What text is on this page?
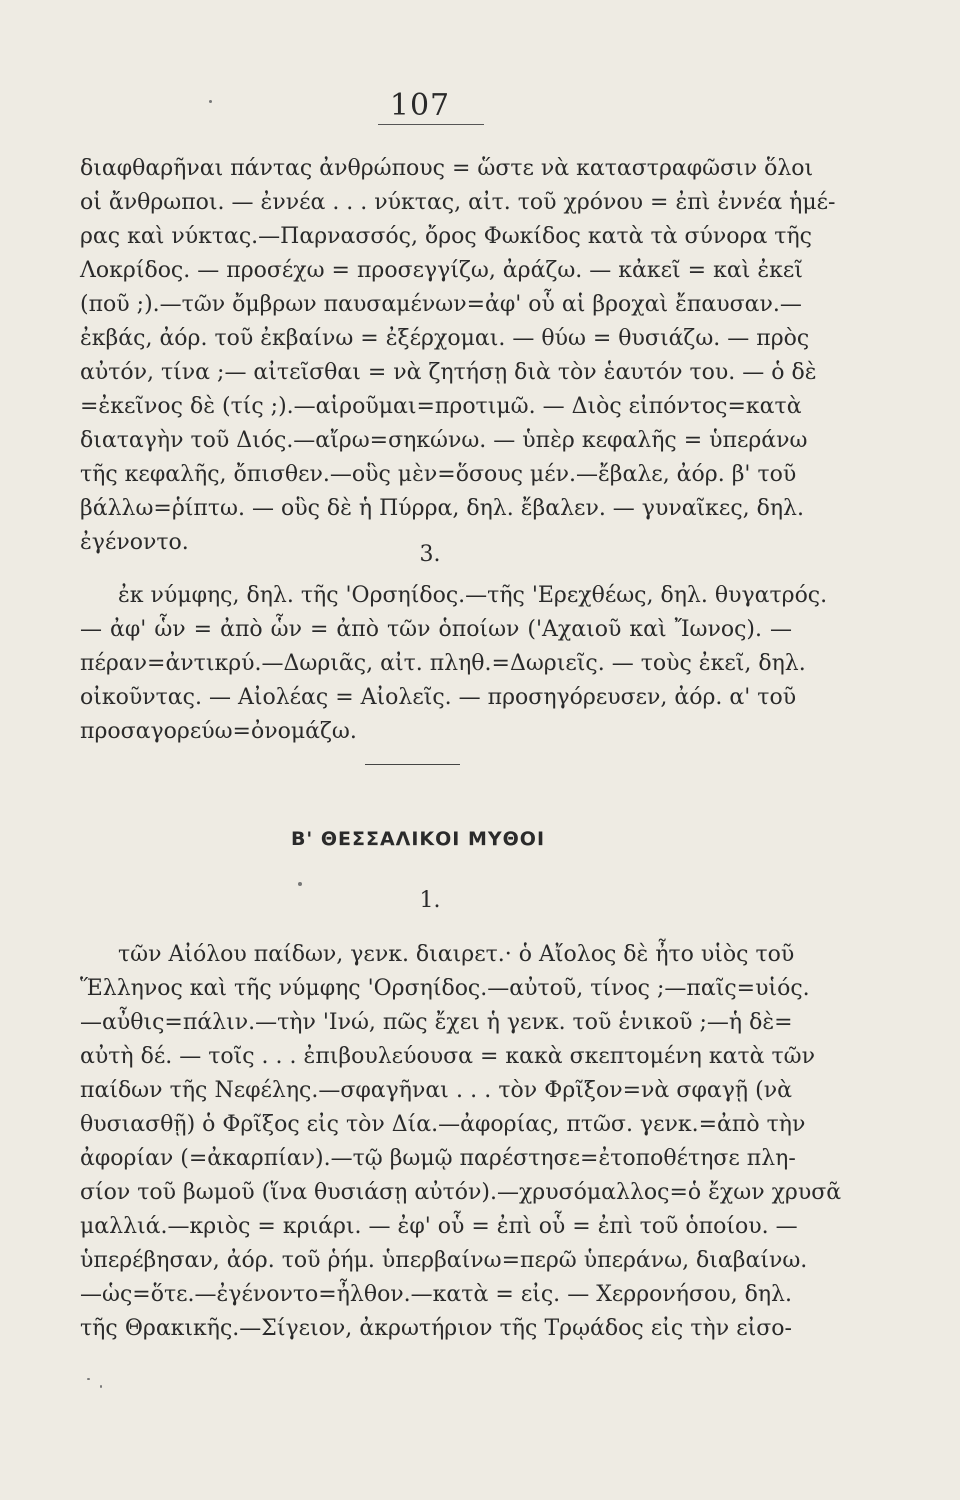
107
διαφθαρῆναι πάντας ἀνθρώπους = ὥστε νὰ καταστραφῶσιν ὅλοι
οἱ ἄνθρωποι. — ἐννέα . . . νύκτας, αἰτ. τοῦ χρόνου = ἐπὶ ἐννέα ἡμέ-
ρας καὶ νύκτας.—Παρνασσός, ὄρος Φωκίδος κατὰ τὰ σύνορα τῆς
Λοκρίδος. — προσέχω = προσεγγίζω, ἀράζω. — κἀκεῖ = καὶ ἐκεῖ
(ποῦ ;).—τῶν ὄμβρων παυσαμένων=ἀφ' οὗ αἱ βροχαὶ ἔπαυσαν.—
ἐκβάς, ἀόρ. τοῦ ἐκβαίνω = ἐξέρχομαι. — θύω = θυσιάζω. — πρὸς
αὐτόν, τίνα ;— αἰτεῖσθαι = νὰ ζητήσῃ διὰ τὸν ἑαυτόν του. — ὁ δὲ
=ἐκεῖνος δὲ (τίς ;).—αἱροῦμαι=προτιμῶ. — Διὸς εἰπόντος=κατὰ
διαταγὴν τοῦ Διός.—αἴρω=σηκώνω. — ὑπὲρ κεφαλῆς = ὑπεράνω
τῆς κεφαλῆς, ὄπισθεν.—οὓς μὲν=ὅσους μέν.—ἔβαλε, ἀόρ. β' τοῦ
βάλλω=ῥίπτω. — οὓς δὲ ἡ Πύρρα, δηλ. ἔβαλεν. — γυναῖκες, δηλ.
ἐγένοντο.	3.
ἐκ νύμφης, δηλ. τῆς 'Ορσηίδος.—τῆς 'Ερεχθέως, δηλ. θυγατρός.
— ἀφ' ὧν = ἀπὸ ὧν = ἀπὸ τῶν ὁποίων ('Αχαιοῦ καὶ Ἴωνος). —
πέραν=ἀντικρύ.—Δωριᾶς, αἰτ. πληθ.=Δωριεῖς. — τοὺς ἐκεῖ, δηλ.
οἰκοῦντας. — Αἰολέας = Αἰολεῖς. — προσηγόρευσεν, ἀόρ. α' τοῦ
προσαγορεύω=ὀνομάζω.
Β' ΘΕΣΣΑΛΙΚΟΙ ΜΥΘΟΙ
1.
τῶν Αἰόλου παίδων, γενκ. διαιρετ.· ὁ Αἴολος δὲ ἦτο υἱὸς τοῦ
Ἕλληνος καὶ τῆς νύμφης 'Ορσηίδος.—αὐτοῦ, τίνος ;—παῖς=υἱός.
—αὖθις=πάλιν.—τὴν 'Ινώ, πῶς ἔχει ἡ γενκ. τοῦ ἑνικοῦ ;—ἡ δὲ=
αὐτὴ δέ. — τοῖς . . . ἐπιβουλεύουσα = κακὰ σκεπτομένη κατὰ τῶν
παίδων τῆς Νεφέλης.—σφαγῆναι . . . τὸν Φρῖξον=νὰ σφαγῇ (νὰ
θυσιασθῇ) ὁ Φρῖξος εἰς τὸν Δία.—ἀφορίας, πτῶσ. γενκ.=ἀπὸ τὴν
ἀφορίαν (=ἀκαρπίαν).—τῷ βωμῷ παρέστησε=ἐτοποθέτησε πλη-
σίον τοῦ βωμοῦ (ἵνα θυσιάσῃ αὐτόν).—χρυσόμαλλος=ὁ ἔχων χρυσᾶ
μαλλιά.—κριὸς = κριάρι. — ἐφ' οὗ = ἐπὶ οὗ = ἐπὶ τοῦ ὁποίου. —
ὑπερέβησαν, ἀόρ. τοῦ ῥήμ. ὑπερβαίνω=περῶ ὑπεράνω, διαβαίνω.
—ὡς=ὅτε.—ἐγένοντο=ἦλθον.—κατὰ = εἰς. — Χερρονήσου, δηλ.
τῆς Θρακικῆς.—Σίγειον, ἀκρωτήριον τῆς Τρῳάδος εἰς τὴν εἰσο-
